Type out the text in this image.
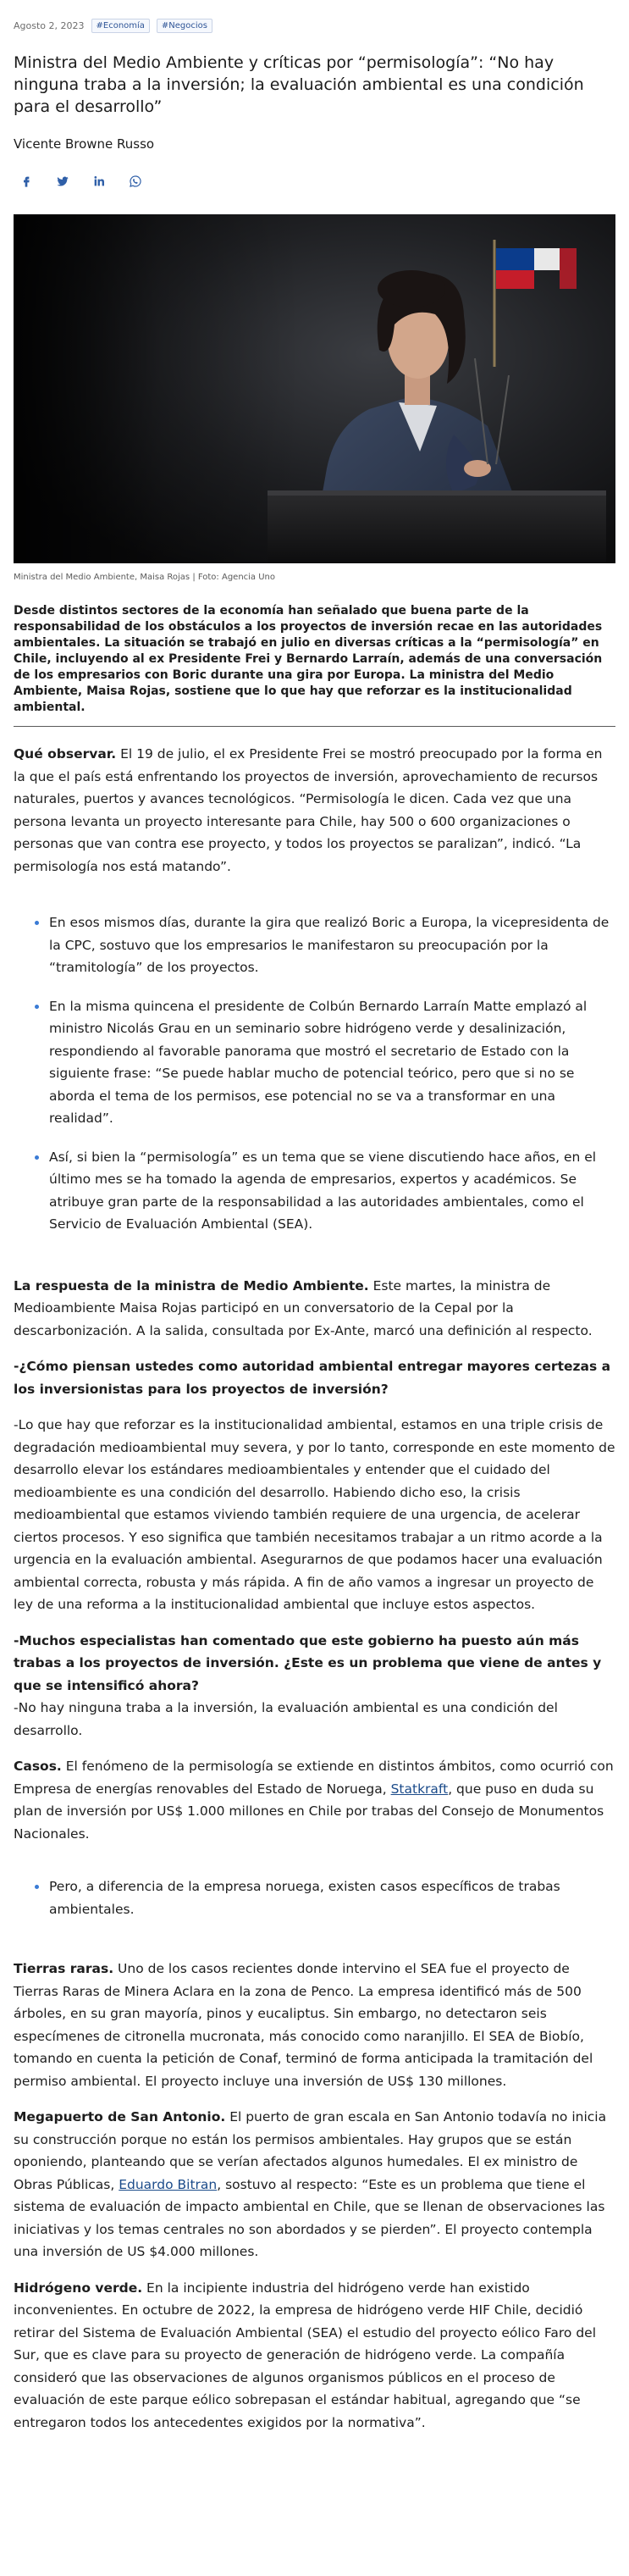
Agosto 2, 2023	#Economía	#Negocios
Ministra del Medio Ambiente y críticas por “permisología”: “No hay ninguna traba a la inversión; la evaluación ambiental es una condición para el desarrollo”
Vicente Browne Russo
Ministra del Medio Ambiente, Maisa Rojas | Foto: Agencia Uno

Desde distintos sectores de la economía han señalado que buena parte de la responsabilidad de los obstáculos a los proyectos de inversión recae en las autoridades ambientales. La situación se trabajó en julio en diversas críticas a la “permisología” en Chile, incluyendo al ex Presidente Frei y Bernardo Larraín, además de una conversación de los empresarios con Boric durante una gira por Europa. La ministra del Medio Ambiente, Maisa Rojas, sostiene que lo que hay que reforzar es la institucionalidad ambiental.

Qué observar. El 19 de julio, el ex Presidente Frei se mostró preocupado por la forma en la que el país está enfrentando los proyectos de inversión, aprovechamiento de recursos naturales, puertos y avances tecnológicos. “Permisología le dicen. Cada vez que una persona levanta un proyecto interesante para Chile, hay 500 o 600 organizaciones o personas que van contra ese proyecto, y todos los proyectos se paralizan”, indicó. “La permisología nos está matando”.

En esos mismos días, durante la gira que realizó Boric a Europa, la vicepresidenta de la CPC, sostuvo que los empresarios le manifestaron su preocupación por la “tramitología” de los proyectos.
En la misma quincena el presidente de Colbún Bernardo Larraín Matte emplazó al ministro Nicolás Grau en un seminario sobre hidrógeno verde y desalinización, respondiendo al favorable panorama que mostró el secretario de Estado con la siguiente frase: “Se puede hablar mucho de potencial teórico, pero que si no se aborda el tema de los permisos, ese potencial no se va a transformar en una realidad”.
Así, si bien la “permisología” es un tema que se viene discutiendo hace años, en el último mes se ha tomado la agenda de empresarios, expertos y académicos. Se atribuye gran parte de la responsabilidad a las autoridades ambientales, como el Servicio de Evaluación Ambiental (SEA).

La respuesta de la ministra de Medio Ambiente. Este martes, la ministra de Medioambiente Maisa Rojas participó en un conversatorio de la Cepal por la descarbonización. A la salida, consultada por Ex-Ante, marcó una definición al respecto.

-¿Cómo piensan ustedes como autoridad ambiental entregar mayores certezas a los inversionistas para los proyectos de inversión?

-Lo que hay que reforzar es la institucionalidad ambiental, estamos en una triple crisis de degradación medioambiental muy severa, y por lo tanto, corresponde en este momento de desarrollo elevar los estándares medioambientales y entender que el cuidado del medioambiente es una condición del desarrollo. Habiendo dicho eso, la crisis medioambiental que estamos viviendo también requiere de una urgencia, de acelerar ciertos procesos. Y eso significa que también necesitamos trabajar a un ritmo acorde a la urgencia en la evaluación ambiental. Asegurarnos de que podamos hacer una evaluación ambiental correcta, robusta y más rápida. A fin de año vamos a ingresar un proyecto de ley de una reforma a la institucionalidad ambiental que incluye estos aspectos.

-Muchos especialistas han comentado que este gobierno ha puesto aún más trabas a los proyectos de inversión. ¿Este es un problema que viene de antes y que se intensificó ahora?

-No hay ninguna traba a la inversión, la evaluación ambiental es una condición del desarrollo.

Casos. El fenómeno de la permisología se extiende en distintos ámbitos, como ocurrió con Empresa de energías renovables del Estado de Noruega, Statkraft, que puso en duda su plan de inversión por US$ 1.000 millones en Chile por trabas del Consejo de Monumentos Nacionales.

Pero, a diferencia de la empresa noruega, existen casos específicos de trabas ambientales.

Tierras raras. Uno de los casos recientes donde intervino el SEA fue el proyecto de Tierras Raras de Minera Aclara en la zona de Penco. La empresa identificó más de 500 árboles, en su gran mayoría, pinos y eucaliptus. Sin embargo, no detectaron seis especímenes de citronella mucronata, más conocido como naranjillo. El SEA de Biobío, tomando en cuenta la petición de Conaf, terminó de forma anticipada la tramitación del permiso ambiental. El proyecto incluye una inversión de US$ 130 millones.

Megapuerto de San Antonio. El puerto de gran escala en San Antonio todavía no inicia su construcción porque no están los permisos ambientales. Hay grupos que se están oponiendo, planteando que se verían afectados algunos humedales. El ex ministro de Obras Públicas, Eduardo Bitran, sostuvo al respecto: “Este es un problema que tiene el sistema de evaluación de impacto ambiental en Chile, que se llenan de observaciones las iniciativas y los temas centrales no son abordados y se pierden”. El proyecto contempla una inversión de US $4.000 millones.

Hidrógeno verde. En la incipiente industria del hidrógeno verde han existido inconvenientes. En octubre de 2022, la empresa de hidrógeno verde HIF Chile, decidió retirar del Sistema de Evaluación Ambiental (SEA) el estudio del proyecto eólico Faro del Sur, que es clave para su proyecto de generación de hidrógeno verde. La compañía consideró que las observaciones de algunos organismos públicos en el proceso de evaluación de este parque eólico sobrepasan el estándar habitual, agregando que “se entregaron todos los antecedentes exigidos por la normativa”.
